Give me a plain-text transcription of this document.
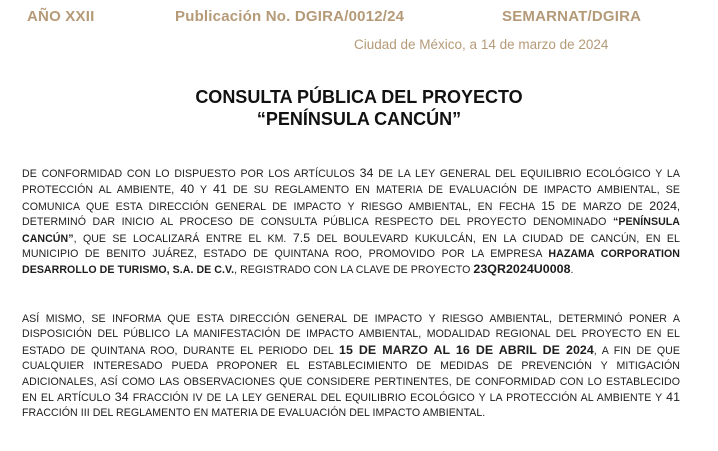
AÑO XXII	Publicación No. DGIRA/0012/24	SEMARNAT/DGIRA
Ciudad de México, a 14 de marzo de 2024
CONSULTA PÚBLICA DEL PROYECTO
“PENÍNSULA CANCÚN”
DE CONFORMIDAD CON LO DISPUESTO POR LOS ARTÍCULOS 34 DE LA LEY GENERAL DEL EQUILIBRIO ECOLÓGICO Y LA PROTECCIÓN AL AMBIENTE, 40 Y 41 DE SU REGLAMENTO EN MATERIA DE EVALUACIÓN DE IMPACTO AMBIENTAL, SE COMUNICA QUE ESTA DIRECCIÓN GENERAL DE IMPACTO Y RIESGO AMBIENTAL, EN FECHA 15 DE MARZO DE 2024, DETERMINÓ DAR INICIO AL PROCESO DE CONSULTA PÚBLICA RESPECTO DEL PROYECTO DENOMINADO “PENÍNSULA CANCÚN”, QUE SE LOCALIZARÁ ENTRE EL KM. 7.5 DEL BOULEVARD KUKULCÁN, EN LA CIUDAD DE CANCÚN, EN EL MUNICIPIO DE BENITO JUÁREZ, ESTADO DE QUINTANA ROO, PROMOVIDO POR LA EMPRESA HAZAMA CORPORATION DESARROLLO DE TURISMO, S.A. DE C.V., REGISTRADO CON LA CLAVE DE PROYECTO 23QR2024U0008.
ASÍ MISMO, SE INFORMA QUE ESTA DIRECCIÓN GENERAL DE IMPACTO Y RIESGO AMBIENTAL, DETERMINÓ PONER A DISPOSICIÓN DEL PÚBLICO LA MANIFESTACIÓN DE IMPACTO AMBIENTAL, MODALIDAD REGIONAL DEL PROYECTO EN EL ESTADO DE QUINTANA ROO, DURANTE EL PERIODO DEL 15 DE MARZO AL 16 DE ABRIL DE 2024, A FIN DE QUE CUALQUIER INTERESADO PUEDA PROPONER EL ESTABLECIMIENTO DE MEDIDAS DE PREVENCIÓN Y MITIGACIÓN ADICIONALES, ASÍ COMO LAS OBSERVACIONES QUE CONSIDERE PERTINENTES, DE CONFORMIDAD CON LO ESTABLECIDO EN EL ARTÍCULO 34 FRACCIÓN IV DE LA LEY GENERAL DEL EQUILIBRIO ECOLÓGICO Y LA PROTECCIÓN AL AMBIENTE Y 41 FRACCIÓN III DEL REGLAMENTO EN MATERIA DE EVALUACIÓN DEL IMPACTO AMBIENTAL.
